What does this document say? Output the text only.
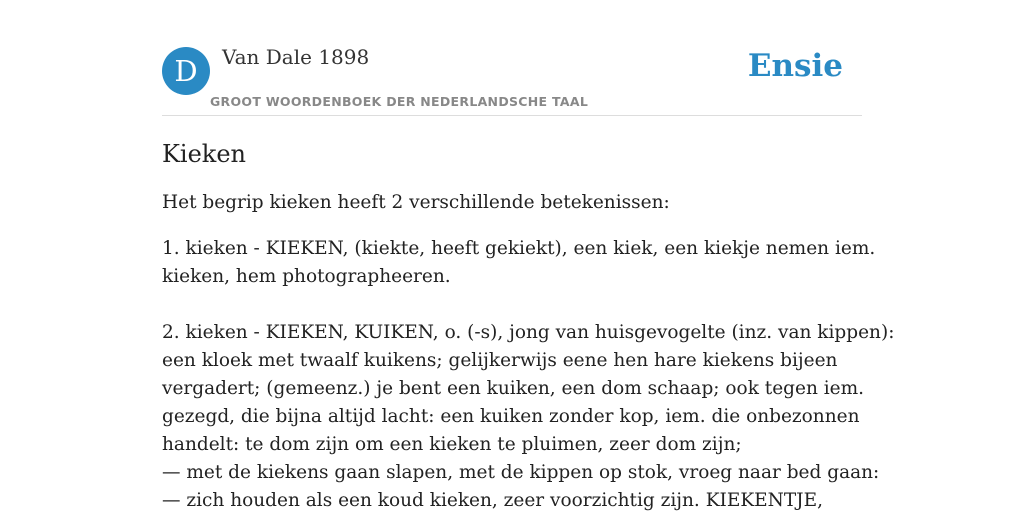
D	Van Dale 1898
GROOT WOORDENBOEK DER NEDERLANDSCHE TAAL
Ensie
Kieken

Het begrip kieken heeft 2 verschillende betekenissen:

1. kieken - KIEKEN, (kiekte, heeft gekiekt), een kiek, een kiekje nemen iem.
kieken, hem photographeeren.

2. kieken - KIEKEN, KUIKEN, o. (-s), jong van huisgevogelte (inz. van kippen):
een kloek met twaalf kuikens; gelijkerwijs eene hen hare kiekens bijeen
vergadert; (gemeenz.) je bent een kuiken, een dom schaap; ook tegen iem.
gezegd, die bijna altijd lacht: een kuiken zonder kop, iem. die onbezonnen
handelt: te dom zijn om een kieken te pluimen, zeer dom zijn;
— met de kiekens gaan slapen, met de kippen op stok, vroeg naar bed gaan:
— zich houden als een koud kieken, zeer voorzichtig zijn. KIEKENTJE,
